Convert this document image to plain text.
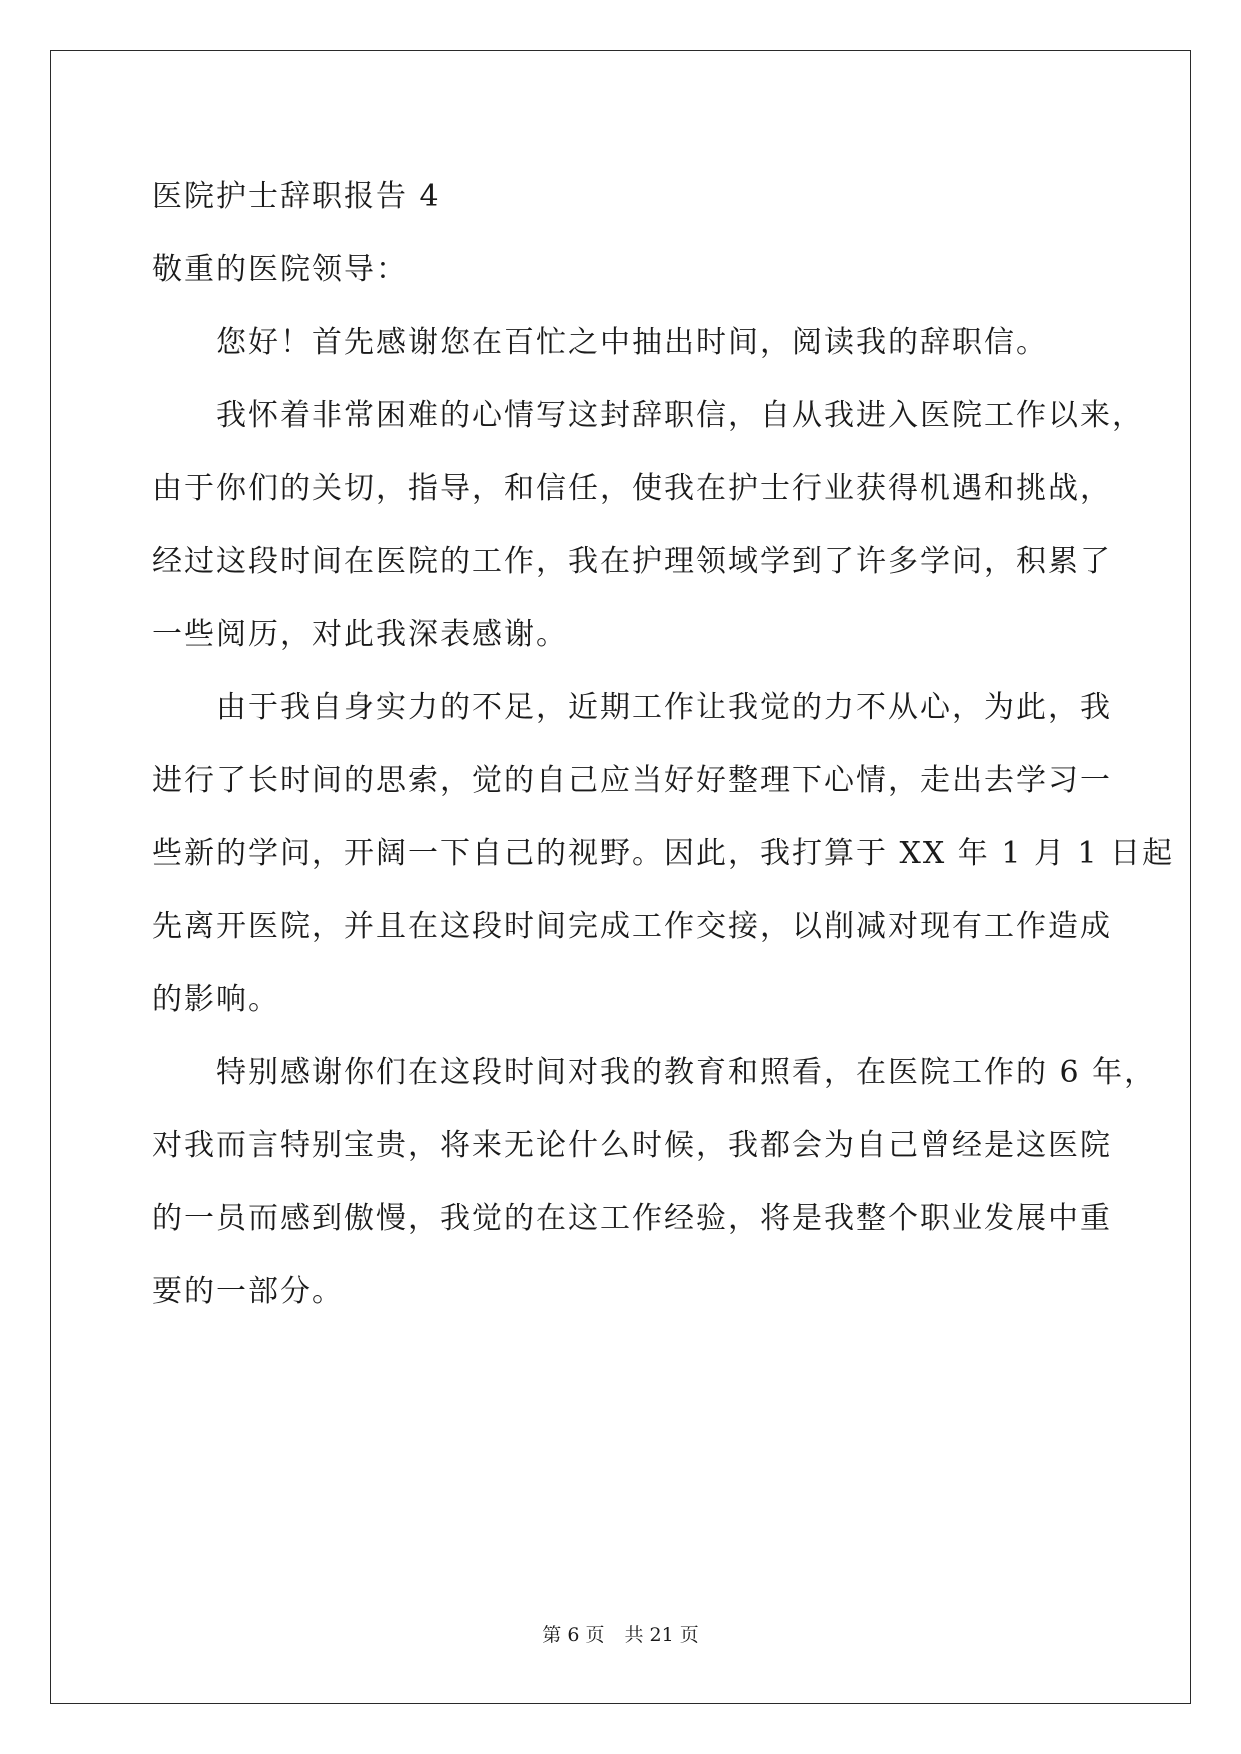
医院护士辞职报告 4
敬重的医院领导：
您好！首先感谢您在百忙之中抽出时间，阅读我的辞职信。
我怀着非常困难的心情写这封辞职信，自从我进入医院工作以来，
由于你们的关切，指导，和信任，使我在护士行业获得机遇和挑战，
经过这段时间在医院的工作，我在护理领域学到了许多学问，积累了
一些阅历，对此我深表感谢。
由于我自身实力的不足，近期工作让我觉的力不从心，为此，我
进行了长时间的思索，觉的自己应当好好整理下心情，走出去学习一
些新的学问，开阔一下自己的视野。因此，我打算于 XX 年 1 月 1 日起
先离开医院，并且在这段时间完成工作交接，以削减对现有工作造成
的影响。
特别感谢你们在这段时间对我的教育和照看，在医院工作的 6 年，
对我而言特别宝贵，将来无论什么时候，我都会为自己曾经是这医院
的一员而感到傲慢，我觉的在这工作经验，将是我整个职业发展中重
要的一部分。
第 6 页 共 21 页
